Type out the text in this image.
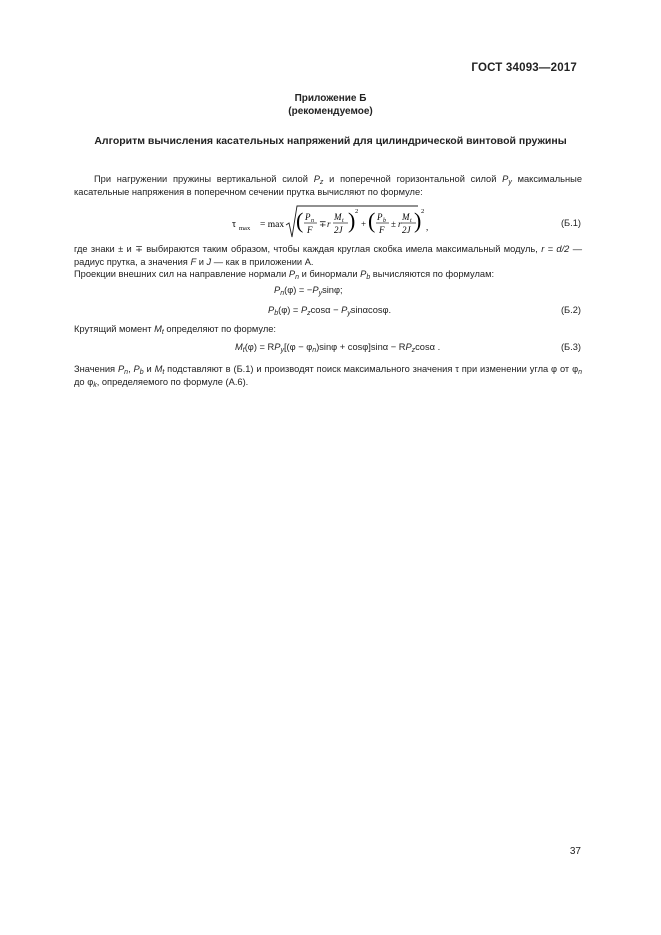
ГОСТ 34093—2017
Приложение Б
(рекомендуемое)
Алгоритм вычисления касательных напряжений для цилиндрической винтовой пружины
При нагружении пружины вертикальной силой $P_z$ и поперечной горизонтальной силой $P_y$ максимальные касательные напряжения в поперечном сечении прутка вычисляют по формуле:
τ max = max ( P n
F
∓ r
M t
2J ) 2
+ ( P b
F
± r
M t
2J ) 2
,	(Б.1)
где знаки ± и ∓ выбираются таким образом, чтобы каждая круглая скобка имела максимальный модуль, r = d/2 — радиус прутка, а значения F и J — как в приложении А.
Проекции внешних сил на направление нормали $P_n$ и бинормали $P_b$ вычисляются по формулам:
$P_n(\varphi) = -P_y\sin\varphi$;
$P_b(\varphi) = P_z\cos\alpha - P_y\sin\alpha\cos\varphi$.	(Б.2)
Крутящий момент $M_t$ определяют по формуле:
$M_t(\varphi) = RP_y[(\varphi - \varphi_n)\sin\varphi + \cos\varphi]\sin\alpha - RP_z\cos\alpha$ .	(Б.3)
Значения $P_n$, $P_b$ и $M_t$ подставляют в (Б.1) и производят поиск максимального значения τ при изменении угла φ от $\varphi_n$ до $\varphi_k$, определяемого по формуле (А.6).
37
